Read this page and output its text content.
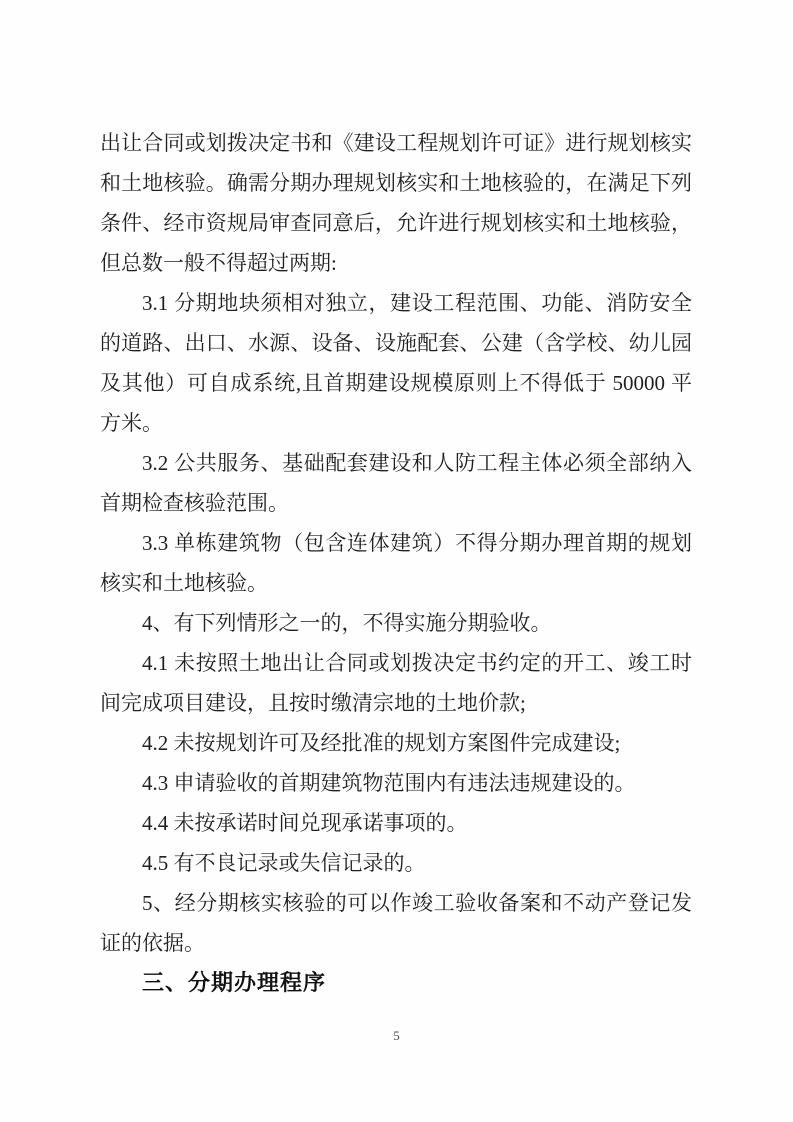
出让合同或划拨决定书和《建设工程规划许可证》进行规划核实
和土地核验。确需分期办理规划核实和土地核验的，在满足下列
条件、经市资规局审查同意后，允许进行规划核实和土地核验，
但总数一般不得超过两期:
3.1 分期地块须相对独立，建设工程范围、功能、消防安全
的道路、出口、水源、设备、设施配套、公建（含学校、幼儿园
及其他）可自成系统,且首期建设规模原则上不得低于 50000 平
方米。
3.2 公共服务、基础配套建设和人防工程主体必须全部纳入
首期检查核验范围。
3.3 单栋建筑物（包含连体建筑）不得分期办理首期的规划
核实和土地核验。
4、有下列情形之一的，不得实施分期验收。
4.1 未按照土地出让合同或划拨决定书约定的开工、竣工时
间完成项目建设，且按时缴清宗地的土地价款;
4.2 未按规划许可及经批准的规划方案图件完成建设;
4.3 申请验收的首期建筑物范围内有违法违规建设的。
4.4 未按承诺时间兑现承诺事项的。
4.5 有不良记录或失信记录的。
5、经分期核实核验的可以作竣工验收备案和不动产登记发
证的依据。
三、分期办理程序
5
